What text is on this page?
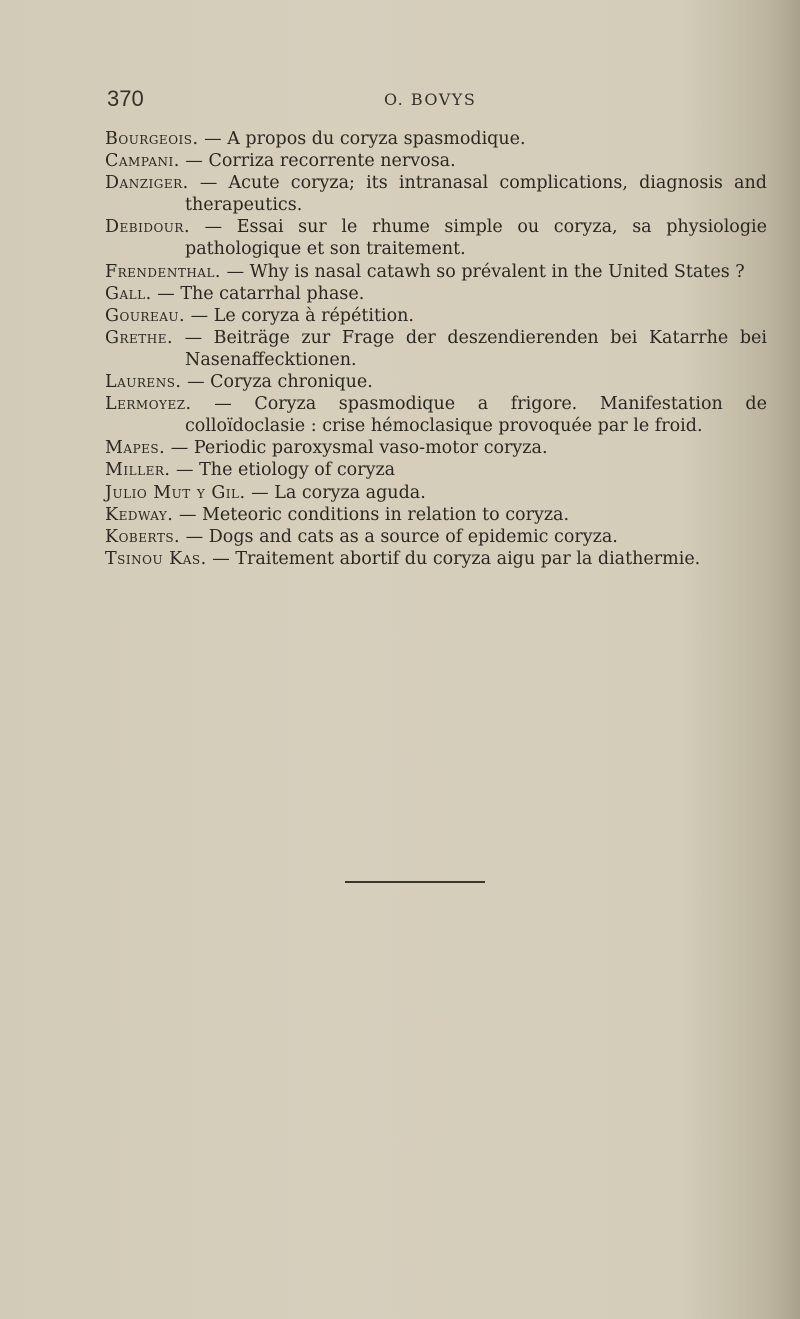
370	O. BOVYS
Bourgeois. — A propos du coryza spasmodique.
Campani. — Corriza recorrente nervosa.
Danziger. — Acute coryza; its intranasal complications, diagnosis and therapeutics.
Debidour. — Essai sur le rhume simple ou coryza, sa physiologie pathologique et son traitement.
Frendenthal. — Why is nasal catawh so prévalent in the United States ?
Gall. — The catarrhal phase.
Goureau. — Le coryza à répétition.
Grethe. — Beiträge zur Frage der deszendierenden bei Katarrhe bei Nasenaffecktionen.
Laurens. — Coryza chronique.
Lermoyez. — Coryza spasmodique a frigore. Manifestation de colloïdoclasie : crise hémoclasique provoquée par le froid.
Mapes. — Periodic paroxysmal vaso-motor coryza.
Miller. — The etiology of coryza
Julio Mut y Gil. — La coryza aguda.
Kedway. — Meteoric conditions in relation to coryza.
Koberts. — Dogs and cats as a source of epidemic coryza.
Tsinou Kas. — Traitement abortif du coryza aigu par la diathermie.
